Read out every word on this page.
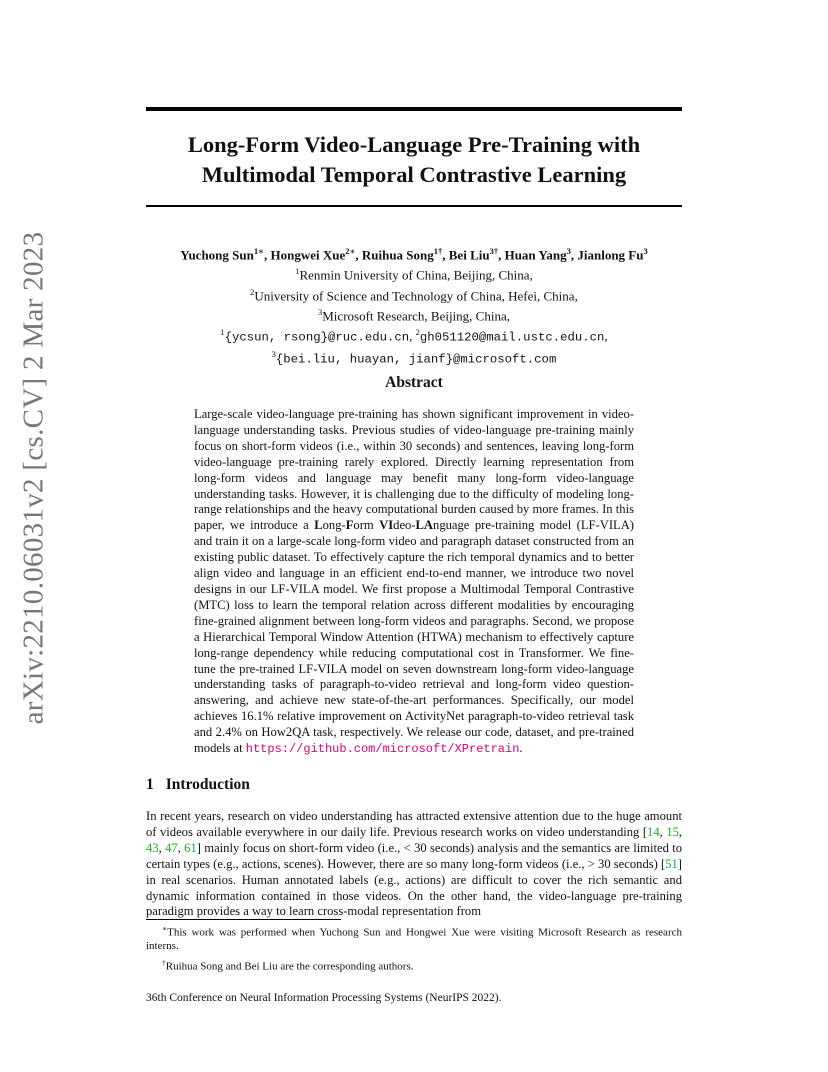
Long-Form Video-Language Pre-Training with
Multimodal Temporal Contrastive Learning
Yuchong Sun$^{1∗}$, Hongwei Xue$^{2∗}$, Ruihua Song$^{1\dagger}$, Bei Liu$^{3\dagger}$, Huan Yang$^3$, Jianlong Fu$^3$
$^1$Renmin University of China, Beijing, China,
$^2$University of Science and Technology of China, Hefei, China,
$^3$Microsoft Research, Beijing, China,
$^1${ycsun, rsong}@ruc.edu.cn, $^2$gh051120@mail.ustc.edu.cn,
$^3${bei.liu, huayan, jianf}@microsoft.com
arXiv:2210.06031v2 [cs.CV] 2 Mar 2023	Abstract
Large-scale video-language pre-training has shown significant improvement in video-language understanding tasks. Previous studies of video-language pre-training mainly focus on short-form videos (i.e., within 30 seconds) and sentences, leaving long-form video-language pre-training rarely explored. Directly learning representation from long-form videos and language may benefit many long-form video-language understanding tasks. However, it is challenging due to the difficulty of modeling long-range relationships and the heavy computational burden caused by more frames. In this paper, we introduce a Long-Form VIdeo-LAnguage pre-training model (LF-VILA) and train it on a large-scale long-form video and paragraph dataset constructed from an existing public dataset. To effectively capture the rich temporal dynamics and to better align video and language in an efficient end-to-end manner, we introduce two novel designs in our LF-VILA model. We first propose a Multimodal Temporal Contrastive (MTC) loss to learn the temporal relation across different modalities by encouraging fine-grained alignment between long-form videos and paragraphs. Second, we propose a Hierarchical Temporal Window Attention (HTWA) mechanism to effectively capture long-range dependency while reducing computational cost in Transformer. We fine-tune the pre-trained LF-VILA model on seven downstream long-form video-language understanding tasks of paragraph-to-video retrieval and long-form video question-answering, and achieve new state-of-the-art performances. Specifically, our model achieves 16.1% relative improvement on ActivityNet paragraph-to-video retrieval task and 2.4% on How2QA task, respectively. We release our code, dataset, and pre-trained models at https://github.com/microsoft/XPretrain.
1 Introduction
In recent years, research on video understanding has attracted extensive attention due to the huge amount of videos available everywhere in our daily life. Previous research works on video understanding [14, 15, 43, 47, 61] mainly focus on short-form video (i.e., < 30 seconds) analysis and the semantics are limited to certain types (e.g., actions, scenes). However, there are so many long-form videos (i.e., > 30 seconds) [51] in real scenarios. Human annotated labels (e.g., actions) are difficult to cover the rich semantic and dynamic information contained in those videos. On the other hand, the video-language pre-training paradigm provides a way to learn cross-modal representation from

∗This work was performed when Yuchong Sun and Hongwei Xue were visiting Microsoft Research as research interns.

†Ruihua Song and Bei Liu are the corresponding authors.

36th Conference on Neural Information Processing Systems (NeurIPS 2022).
